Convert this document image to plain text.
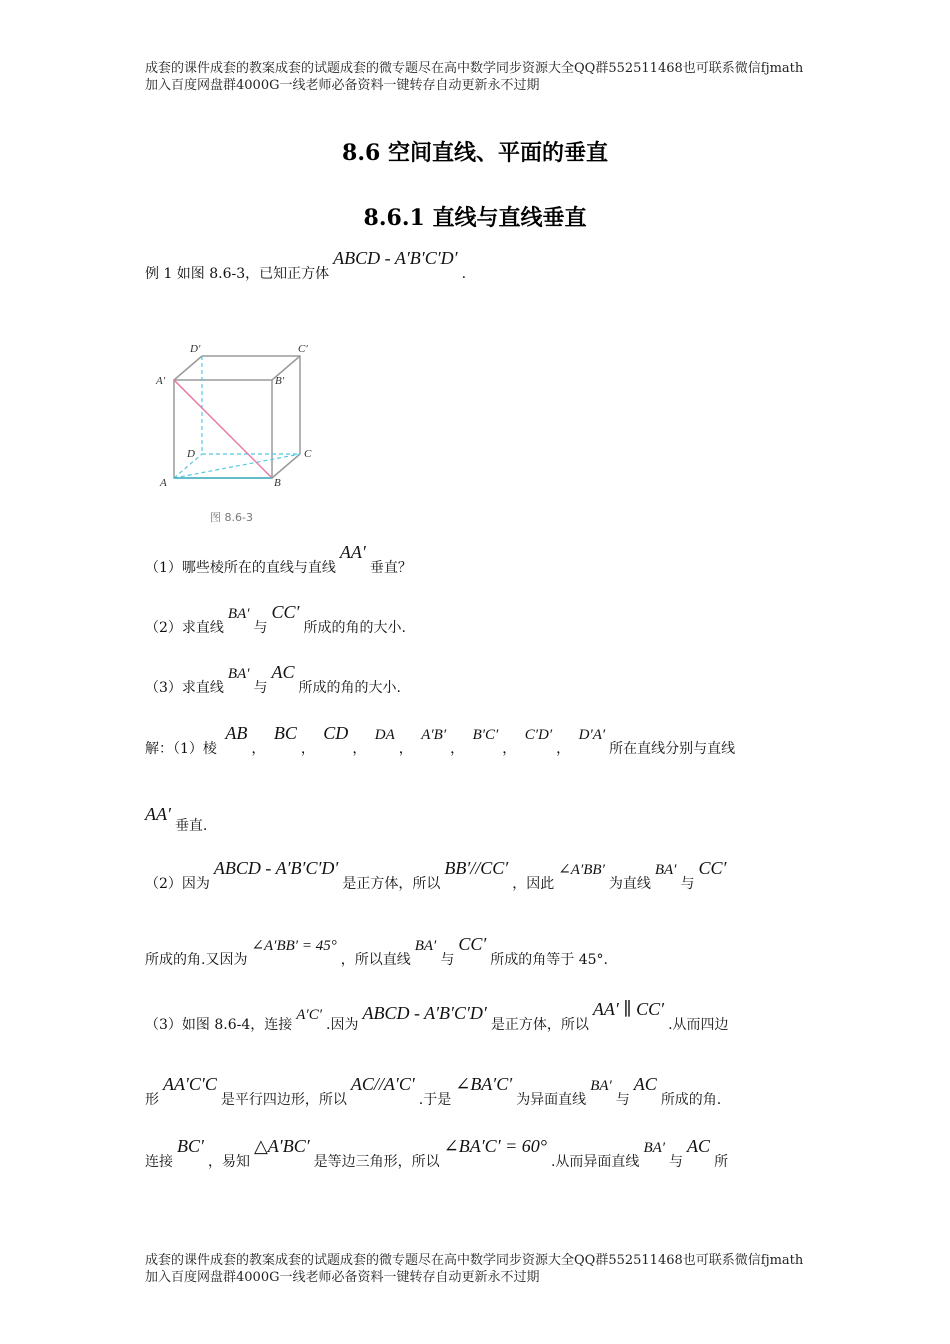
成套的课件成套的教案成套的试题成套的微专题尽在高中数学同步资源大全QQ群552511468也可联系微信fjmath加入百度网盘群4000G一线老师必备资料一键转存自动更新永不过期
8.6 空间直线、平面的垂直
8.6.1 直线与直线垂直
例 1 如图 8.6-3，已知正方体ABCD - A′B′C′D′.
D′	C′
A′	B′
D	C
A	B
图 8.6-3
（1）哪些棱所在的直线与直线AA′垂直？
（2）求直线BA′与CC′所成的角的大小.
（3）求直线BA′与AC所成的角的大小.
解：（1）棱 AB， BC， CD， DA， A′B′， B′C′， C′D′， D′A′所在直线分别与直线
AA′垂直.
（2）因为ABCD - A′B′C′D′是正方体，所以BB′//CC′，因此∠A′BB′为直线BA′与CC′
所成的角.又因为∠A′BB′ = 45°，所以直线BA′与CC′所成的角等于 45°.
（3）如图 8.6-4，连接A′C′.因为ABCD - A′B′C′D′是正方体，所以AA′ ∥ CC′.从而四边
形AA′C′C是平行四边形，所以AC//A′C′.于是∠BA′C′为异面直线BA′与AC所成的角.
连接BC′，易知△A′BC′是等边三角形，所以∠BA′C′ = 60°.从而异面直线BA′与AC所
成套的课件成套的教案成套的试题成套的微专题尽在高中数学同步资源大全QQ群552511468也可联系微信fjmath加入百度网盘群4000G一线老师必备资料一键转存自动更新永不过期
